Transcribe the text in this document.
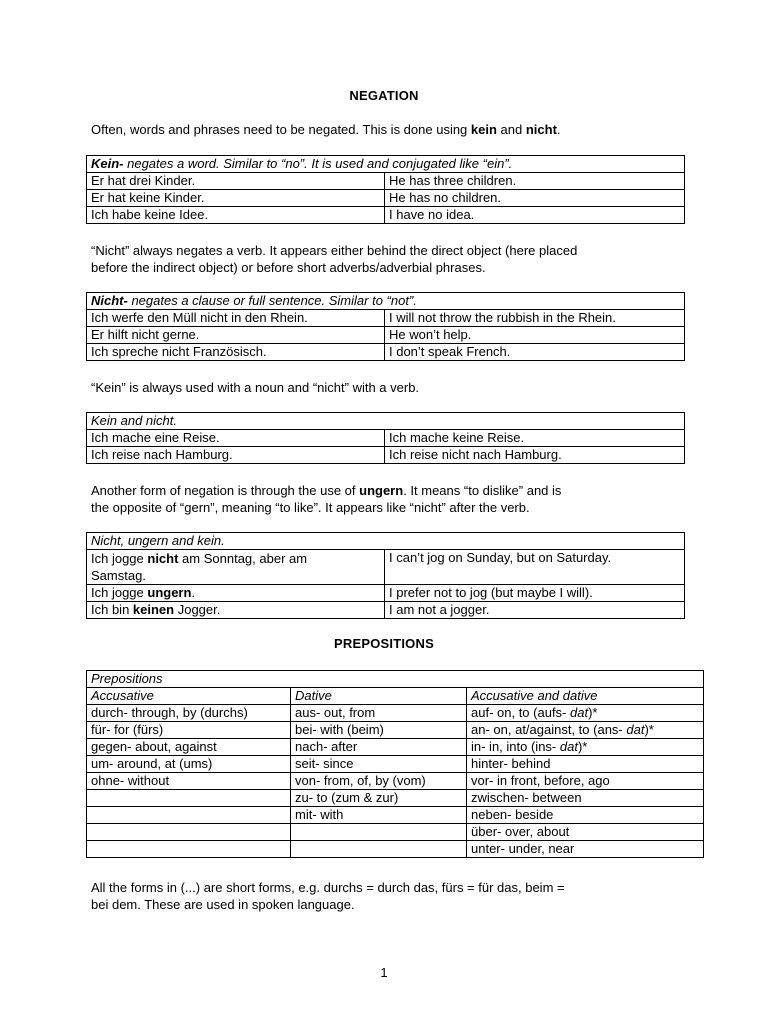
NEGATION

Often, words and phrases need to be negated. This is done using kein and nicht.

Kein- negates a word. Similar to “no”. It is used and conjugated like “ein”.	
Er hat drei Kinder.	He has three children.
Er hat keine Kinder.	He has no children.
Ich habe keine Idee.	I have no idea.

“Nicht” always negates a verb. It appears either behind the direct object (here placed
before the indirect object) or before short adverbs/adverbial phrases.

Nicht- negates a clause or full sentence. Similar to “not”.	
Ich werfe den Müll nicht in den Rhein.	I will not throw the rubbish in the Rhein.
Er hilft nicht gerne.	He won’t help.
Ich spreche nicht Französisch.	I don’t speak French.

“Kein” is always used with a noun and “nicht” with a verb.

Kein and nicht.	
Ich mache eine Reise.	Ich mache keine Reise.
Ich reise nach Hamburg.	Ich reise nicht nach Hamburg.

Another form of negation is through the use of ungern. It means “to dislike” and is
the opposite of “gern”, meaning “to like”. It appears like “nicht” after the verb.

Nicht, ungern and kein.	
Ich jogge nicht am Sonntag, aber am Samstag.	I can’t jog on Sunday, but on Saturday.
Ich jogge ungern.	I prefer not to jog (but maybe I will).
Ich bin keinen Jogger.	I am not a jogger.
PREPOSITIONS
Prepositions		
Accusative	Dative	Accusative and dative
durch- through, by (durchs)	aus- out, from	auf- on, to (aufs- dat)*
für- for (fürs)	bei- with (beim)	an- on, at/against, to (ans- dat)*
gegen- about, against	nach- after	in- in, into (ins- dat)*
um- around, at (ums)	seit- since	hinter- behind
ohne- without	von- from, of, by (vom)	vor- in front, before, ago
	zu- to (zum & zur)	zwischen- between
	mit- with	neben- beside
		über- over, about
		unter- under, near

All the forms in (...) are short forms, e.g. durchs = durch das, fürs = für das, beim =
bei dem. These are used in spoken language.

1
